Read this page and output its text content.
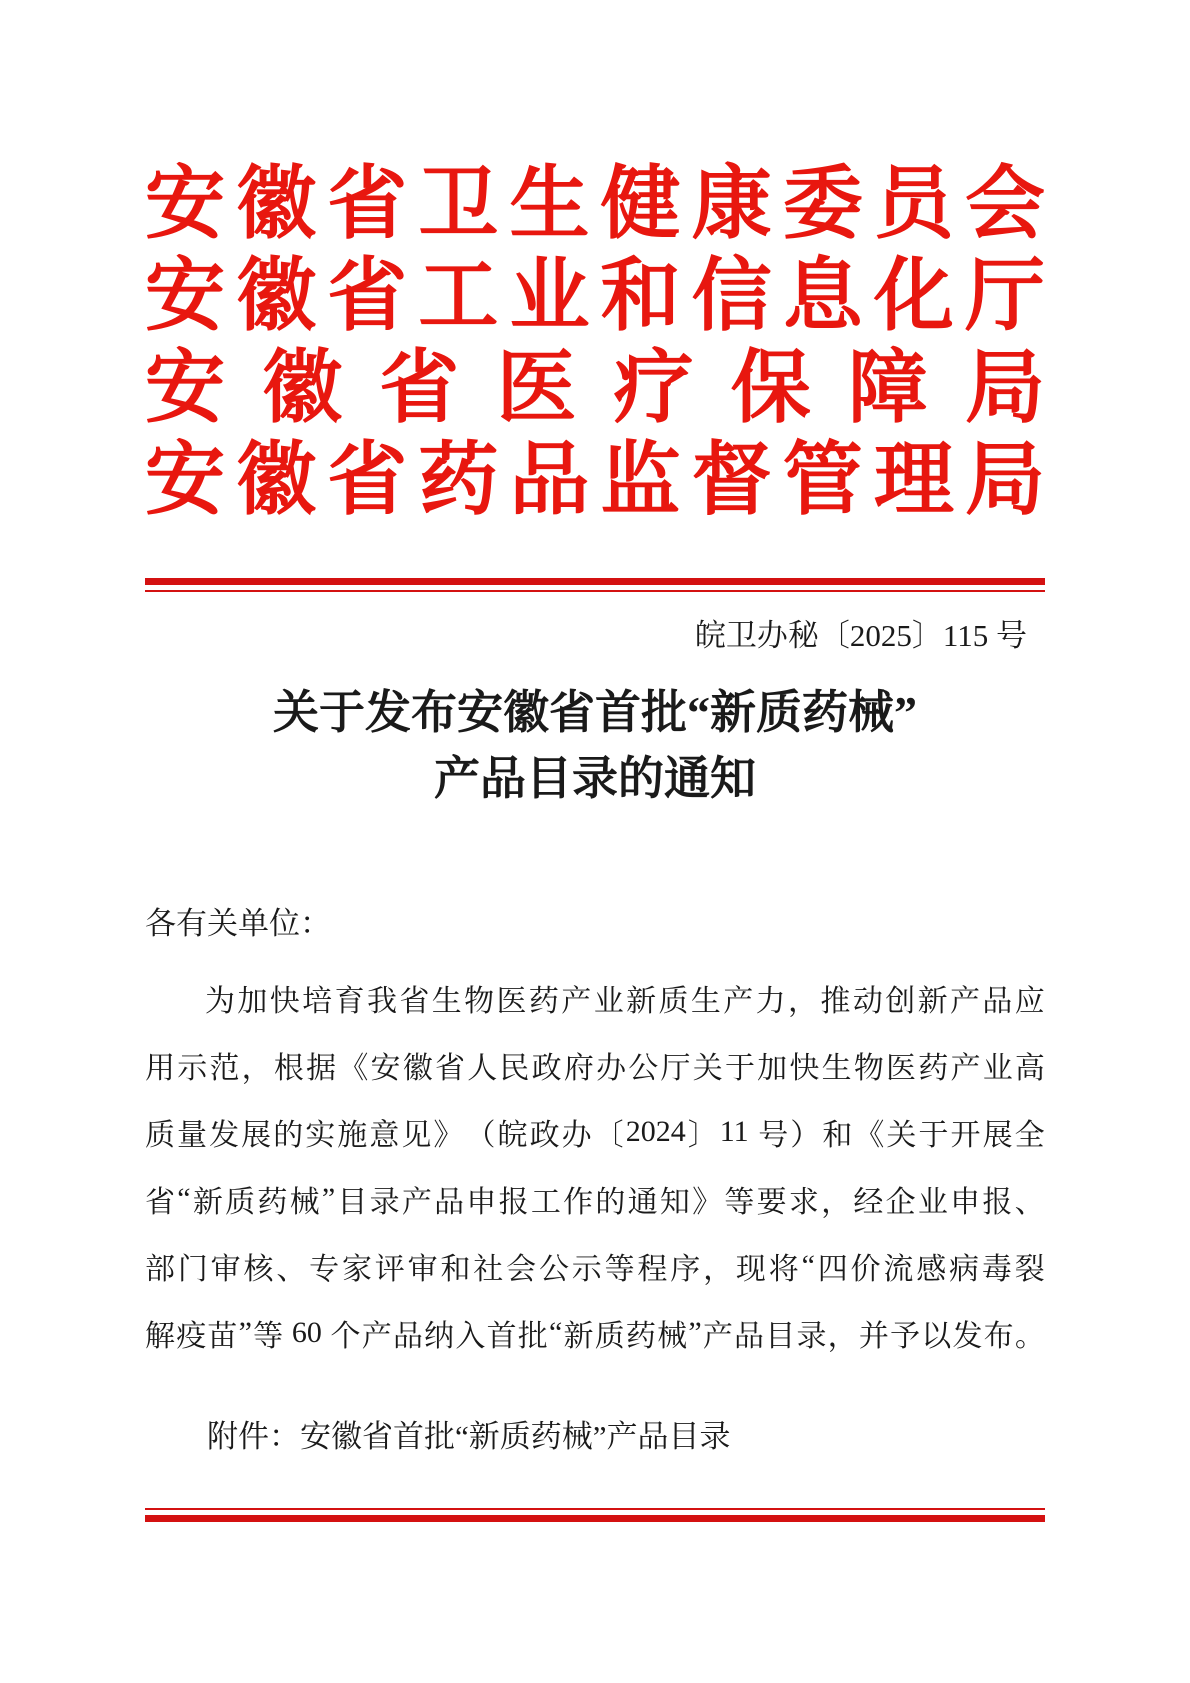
安 徽 省 卫 生 健 康 委 员 会
安 徽 省 工 业 和 信 息 化 厅
安 徽 省 医 疗 保 障 局
安 徽 省 药 品 监 督 管 理 局
皖卫办秘〔2025〕115 号
关于发布安徽省首批“新质药械”
产品目录的通知
各有关单位：
为 加 快 培 育 我 省 生 物 医 药 产 业 新 质 生 产 力 ， 推 动 创 新 产 品 应
用 示 范 ， 根 据 《 安 徽 省 人 民 政 府 办 公 厅 关 于 加 快 生 物 医 药 产 业 高
质 量 发 展 的 实 施 意 见 》 （ 皖 政 办 〔 2024 〕 11 号 ） 和 《 关 于 开 展 全
省 “ 新 质 药 械 ” 目 录 产 品 申 报 工 作 的 通 知 》 等 要 求 ， 经 企 业 申 报 、
部 门 审 核 、 专 家 评 审 和 社 会 公 示 等 程 序 ， 现 将 “ 四 价 流 感 病 毒 裂
解 疫 苗 ” 等 60 个 产 品 纳 入 首 批 “ 新 质 药 械 ” 产 品 目 录 ， 并 予 以 发 布 。
附件：安徽省首批“新质药械”产品目录
